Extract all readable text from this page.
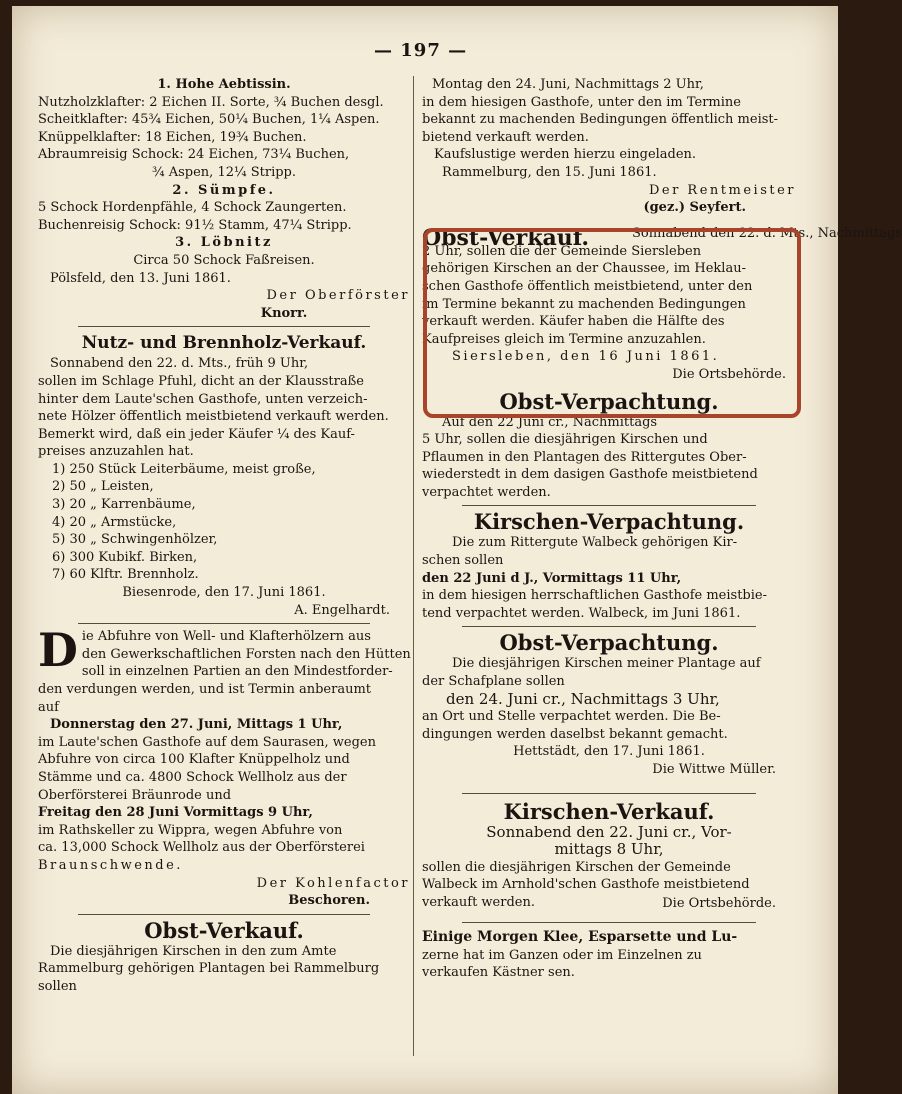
— 197 —
1. Hohe Aebtissin.
Nutzholzklafter: 2 Eichen II. Sorte, ¾ Buchen desgl.
Scheitklafter: 45¾ Eichen, 50¼ Buchen, 1¼ Aspen.
Knüppelklafter: 18 Eichen, 19¾ Buchen.
Abraumreisig Schock: 24 Eichen, 73¼ Buchen,
¾ Aspen, 12¼ Stripp.
2. Sümpfe.
5 Schock Hordenpfähle, 4 Schock Zaungerten.
Buchenreisig Schock: 91½ Stamm, 47¼ Stripp.
3. Löbnitz
Circa 50 Schock Faßreisen.
Pölsfeld, den 13. Juni 1861.
Der Oberförster
Knorr.
Nutz- und Brennholz-Verkauf.
Sonnabend den 22. d. Mts., früh 9 Uhr,
sollen im Schlage Pfuhl, dicht an der Klausstraße
hinter dem Laute'schen Gasthofe, unten verzeich-
nete Hölzer öffentlich meistbietend verkauft werden.
Bemerkt wird, daß ein jeder Käufer ¼ des Kauf-
preises anzuzahlen hat.
1) 250 Stück Leiterbäume, meist große,
2) 50 „ Leisten,
3) 20 „ Karrenbäume,
4) 20 „ Armstücke,
5) 30 „ Schwingenhölzer,
6) 300 Kubikf. Birken,
7) 60 Klftr. Brennholz.
Biesenrode, den 17. Juni 1861.
A. Engelhardt.
D ie Abfuhre von Well- und Klafterhölzern aus
den Gewerkschaftlichen Forsten nach den Hütten
soll in einzelnen Partien an den Mindestforder-
den verdungen werden, und ist Termin anberaumt
auf
Donnerstag den 27. Juni, Mittags 1 Uhr,
im Laute'schen Gasthofe auf dem Saurasen, wegen
Abfuhre von circa 100 Klafter Knüppelholz und
Stämme und ca. 4800 Schock Wellholz aus der
Oberförsterei Bräunrode und
Freitag den 28 Juni Vormittags 9 Uhr,
im Rathskeller zu Wippra, wegen Abfuhre von
ca. 13,000 Schock Wellholz aus der Oberförsterei
Braunschwende.
Der Kohlenfactor
Beschoren.
Obst-Verkauf.
Die diesjährigen Kirschen in den zum Amte
Rammelburg gehörigen Plantagen bei Rammelburg
sollen
Montag den 24. Juni, Nachmittags 2 Uhr,
in dem hiesigen Gasthofe, unter den im Termine
bekannt zu machenden Bedingungen öffentlich meist-
bietend verkauft werden.
Kaufslustige werden hierzu eingeladen.
Rammelburg, den 15. Juni 1861.
Der Rentmeister
(gez.) Seyfert.
Obst-Verkauf.	Sonnabend den 22. d. Mts., Nachmittags
2 Uhr, sollen die der Gemeinde Siersleben
gehörigen Kirschen an der Chaussee, im Heklau-
schen Gasthofe öffentlich meistbietend, unter den
im Termine bekannt zu machenden Bedingungen
verkauft werden. Käufer haben die Hälfte des
Kaufpreises gleich im Termine anzuzahlen.
Siersleben, den 16 Juni 1861.
Die Ortsbehörde.
Obst-Verpachtung.
Auf den 22 Juni cr., Nachmittags
5 Uhr, sollen die diesjährigen Kirschen und
Pflaumen in den Plantagen des Rittergutes Ober-
wiederstedt in dem dasigen Gasthofe meistbietend
verpachtet werden.
Kirschen-Verpachtung.
Die zum Rittergute Walbeck gehörigen Kir-
schen sollen
den 22 Juni d J., Vormittags 11 Uhr,
in dem hiesigen herrschaftlichen Gasthofe meistbie-
tend verpachtet werden. Walbeck, im Juni 1861.
Obst-Verpachtung.
Die diesjährigen Kirschen meiner Plantage auf
der Schafplane sollen
den 24. Juni cr., Nachmittags 3 Uhr,
an Ort und Stelle verpachtet werden. Die Be-
dingungen werden daselbst bekannt gemacht.
Hettstädt, den 17. Juni 1861.
Die Wittwe Müller.
Kirschen-Verkauf.
Sonnabend den 22. Juni cr., Vor-
mittags 8 Uhr,
sollen die diesjährigen Kirschen der Gemeinde
Walbeck im Arnhold'schen Gasthofe meistbietend
verkauft werden.	Die Ortsbehörde.
Einige Morgen Klee, Esparsette und Lu-
zerne hat im Ganzen oder im Einzelnen zu
verkaufen Kästner sen.
